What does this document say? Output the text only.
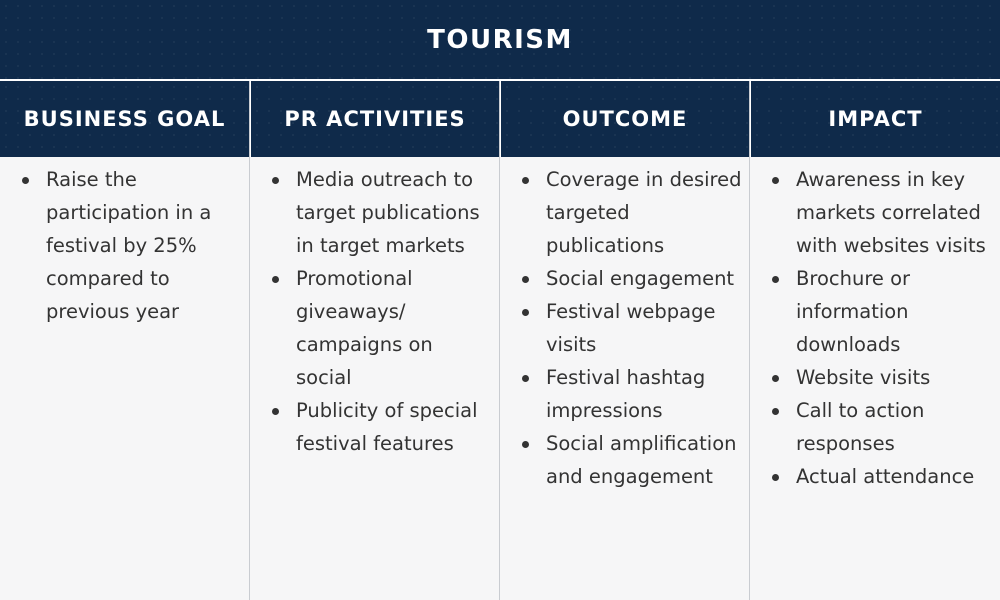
TOURISM
BUSINESS GOAL
Raise the participation in a festival by 25% compared to previous year
PR ACTIVITIES
Media outreach to target publications in target markets
Promotional giveaways/ campaigns on social
Publicity of special festival features
OUTCOME
Coverage in desired targeted publications
Social engagement
Festival webpage visits
Festival hashtag impressions
Social amplification and engagement
IMPACT
Awareness in key markets correlated with websites visits
Brochure or information downloads
Website visits
Call to action responses
Actual attendance
